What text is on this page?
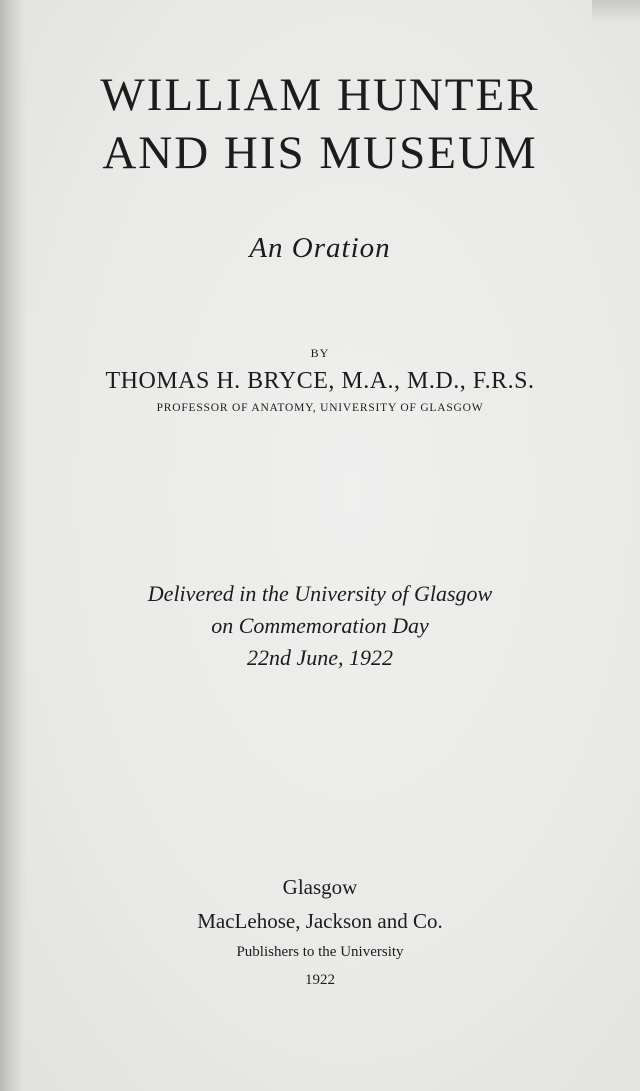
WILLIAM HUNTER
AND HIS MUSEUM
An Oration
BY
THOMAS H. BRYCE, M.A., M.D., F.R.S.
PROFESSOR OF ANATOMY, UNIVERSITY OF GLASGOW
Delivered in the University of Glasgow
on Commemoration Day
22nd June, 1922
Glasgow
MacLehose, Jackson and Co.
Publishers to the University
1922
